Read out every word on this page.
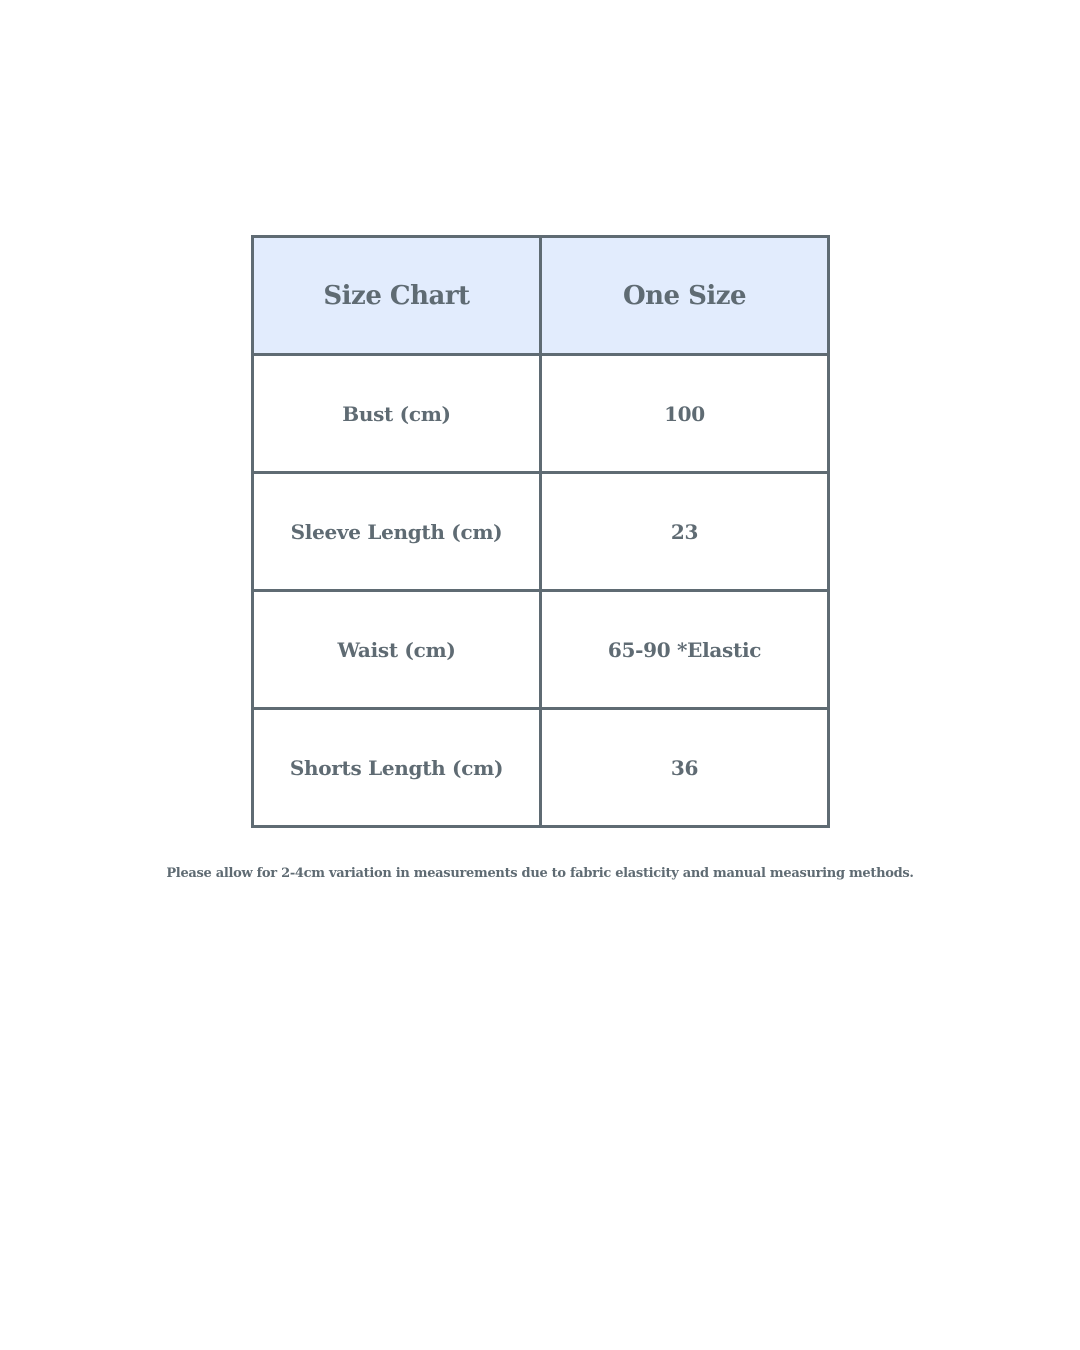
Size Chart	One Size
Bust (cm)	100
Sleeve Length (cm)	23
Waist (cm)	65-90 *Elastic
Shorts Length (cm)	36
Please allow for 2-4cm variation in measurements due to fabric elasticity and manual measuring methods.
